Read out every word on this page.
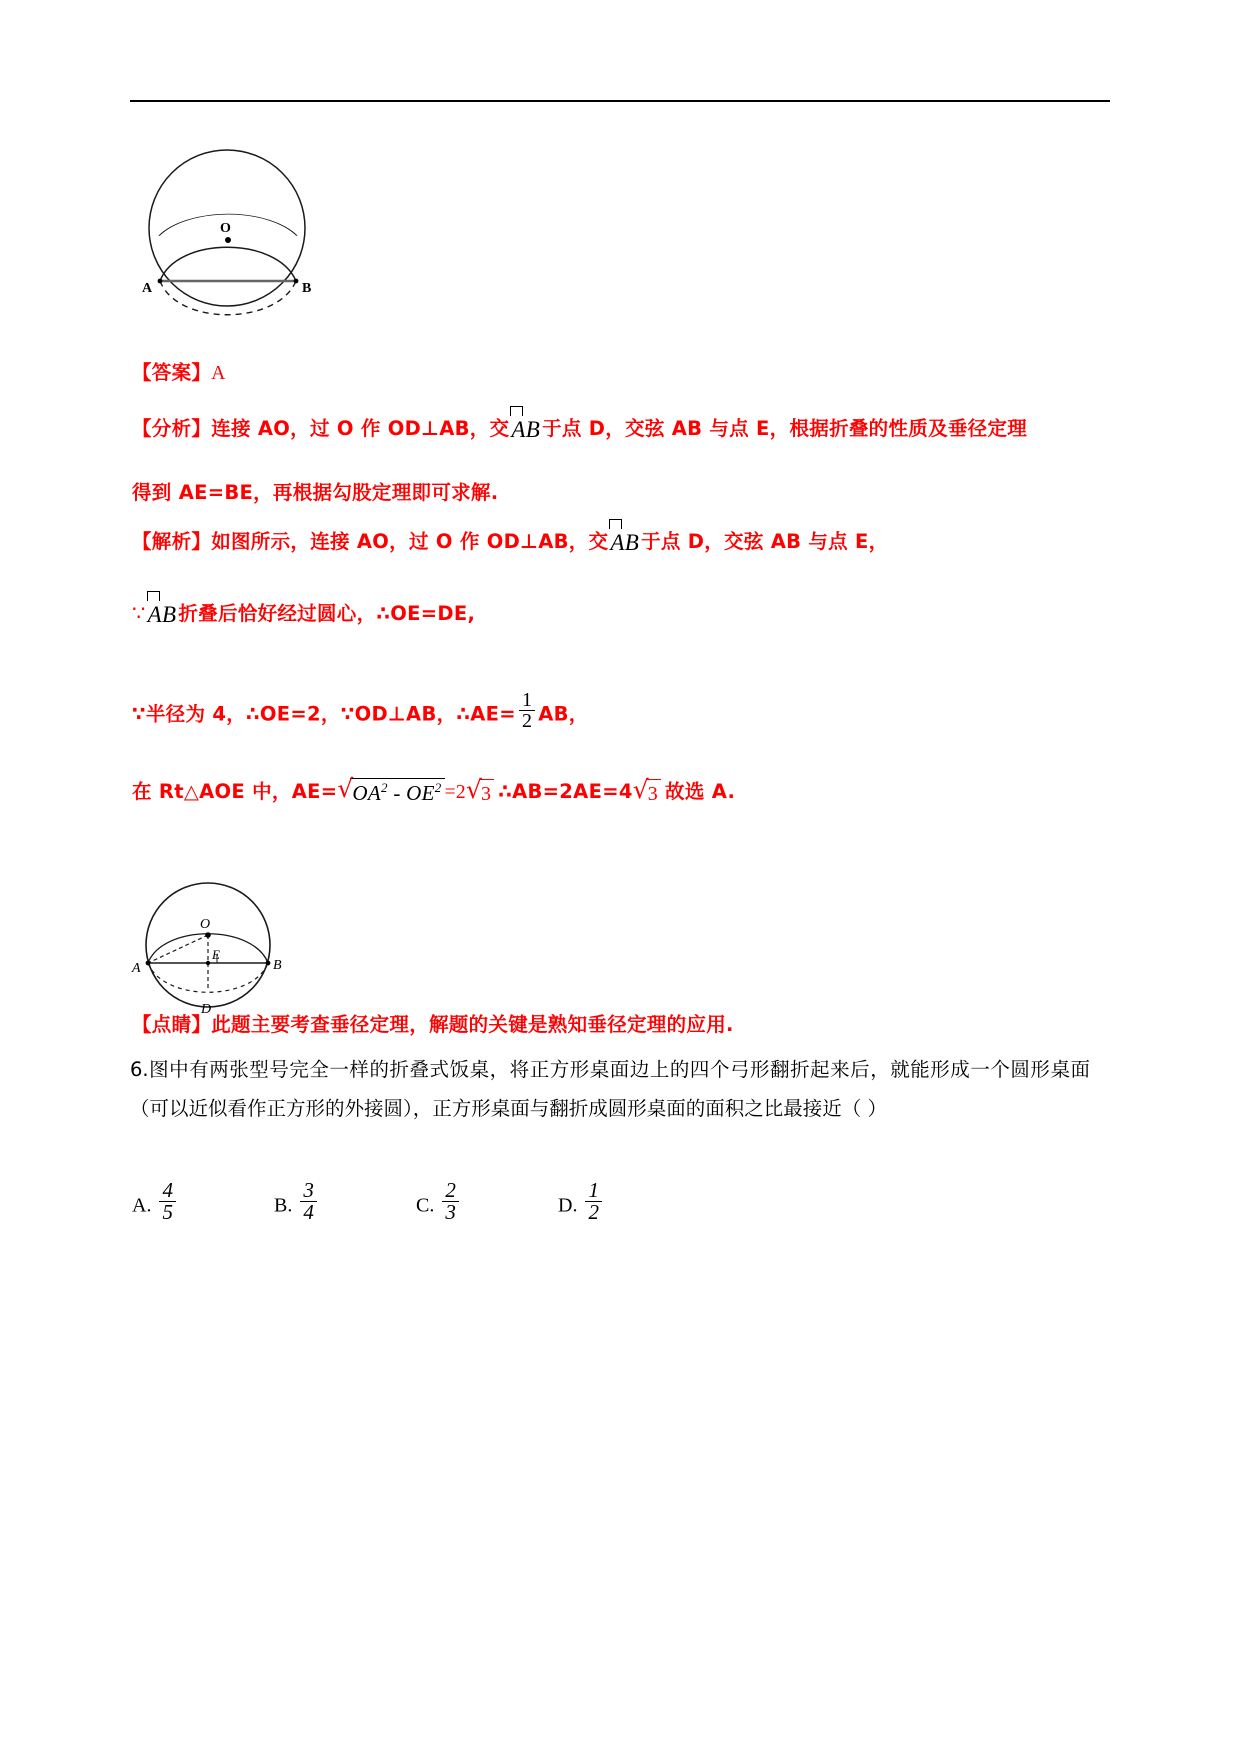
O
A	B
【答案】A
【分析】连接 AO，过 O 作 OD⊥AB，交
AB 于点 D，交弦 AB 与点 E，根据折叠的性质及垂径定理
得到 AE=BE，再根据勾股定理即可求解.
【解析】如图所示，连接 AO，过 O 作 OD⊥AB，交
AB 于点 D，交弦 AB 与点 E，
∵
AB 折叠后恰好经过圆心，∴OE=DE,
∵半径为 4，∴OE=2，∵OD⊥AB，∴AE= $\frac{1}{2}$ AB，
在 Rt△AOE 中，AE= √ $OA^2 - OE^2 =2$ √ 3 ∴AB=2AE=4 √ 3 故选 A.
O
E
A	B
D
【点睛】此题主要考查垂径定理，解题的关键是熟知垂径定理的应用.
6.图中有两张型号完全一样的折叠式饭桌，将正方形桌面边上的四个弓形翻折起来后，就能形成一个圆形桌面（可以近似看作正方形的外接圆），正方形桌面与翻折成圆形桌面的面积之比最接近（ ）
A. $\frac{4}{5}$	B. $\frac{3}{4}$	C. $\frac{2}{3}$	D. $\frac{1}{2}$
